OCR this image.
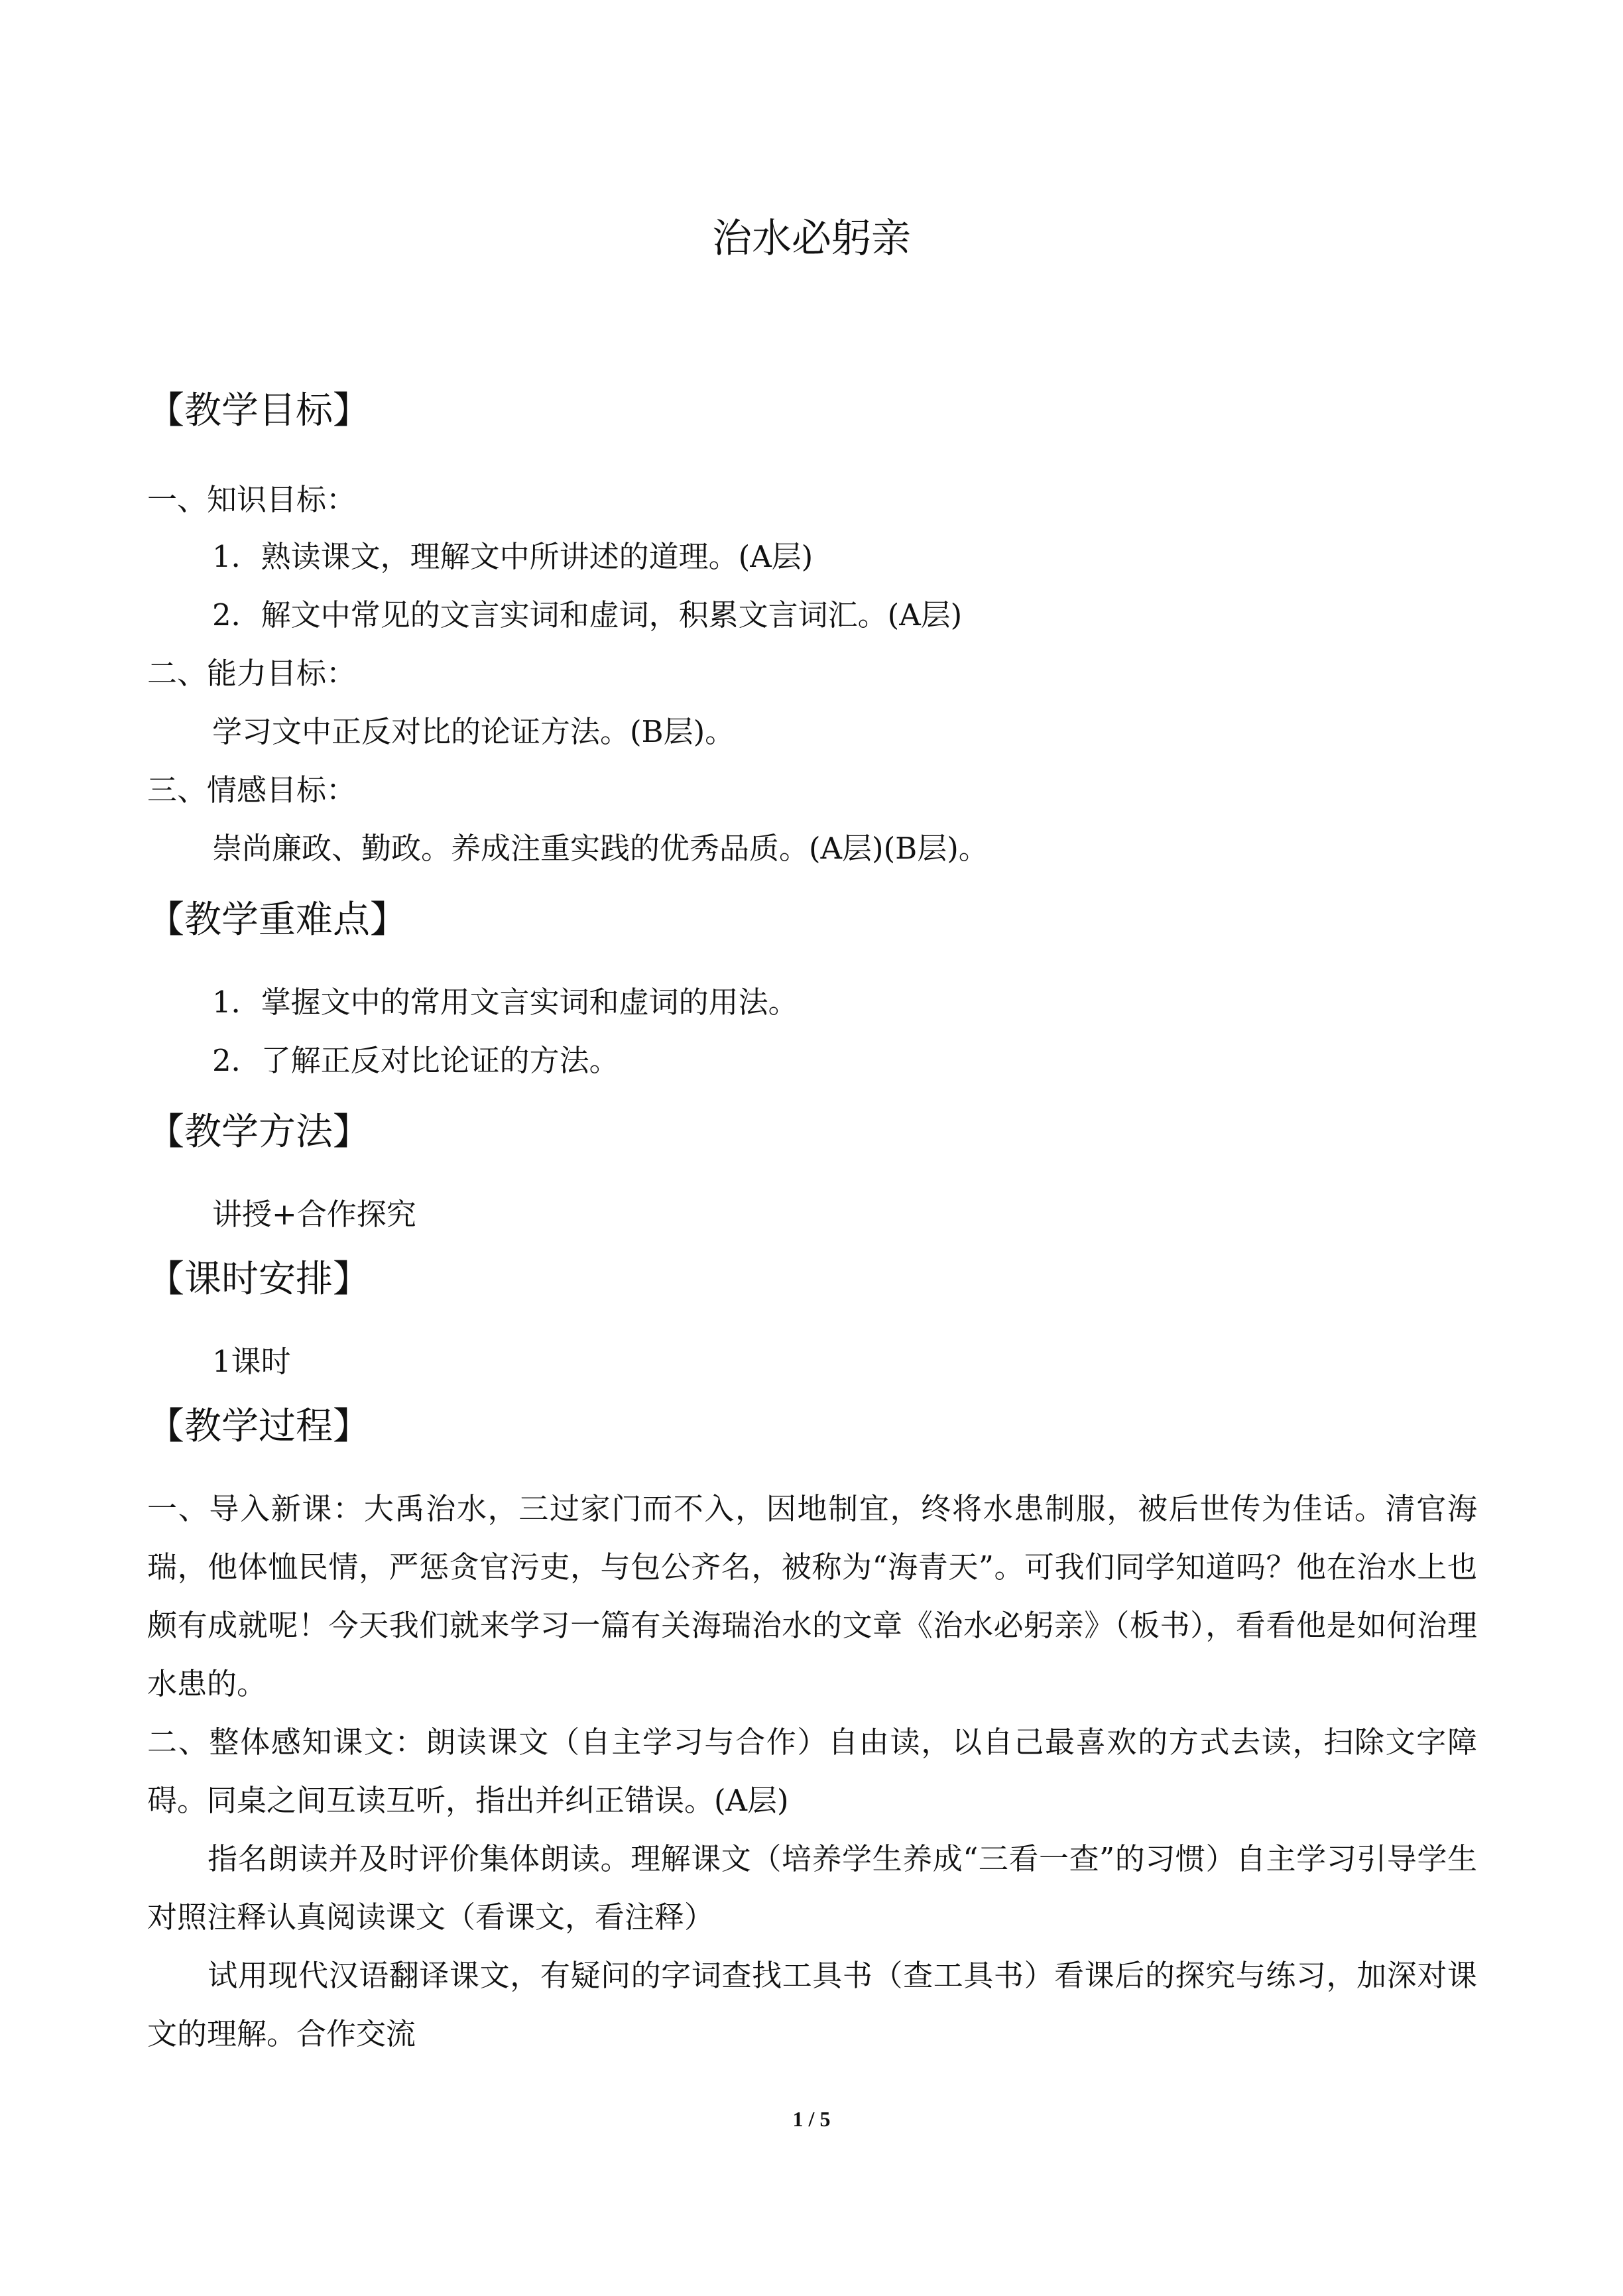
治水必躬亲
【教学目标】
一、知识目标：
1．熟读课文，理解文中所讲述的道理。(A层)
2．解文中常见的文言实词和虚词，积累文言词汇。(A层)
二、能力目标：
学习文中正反对比的论证方法。(B层)。
三、情感目标：
崇尚廉政、勤政。养成注重实践的优秀品质。(A层)(B层)。
【教学重难点】
1．掌握文中的常用文言实词和虚词的用法。
2．了解正反对比论证的方法。
【教学方法】
讲授+合作探究
【课时安排】
1课时
【教学过程】
一、导入新课：大禹治水，三过家门而不入，因地制宜，终将水患制服，被后世传为佳话。清官海瑞，他体恤民情，严惩贪官污吏，与包公齐名，被称为“海青天”。可我们同学知道吗？他在治水上也颇有成就呢！今天我们就来学习一篇有关海瑞治水的文章《治水必躬亲》（板书），看看他是如何治理水患的。
二、整体感知课文：朗读课文（自主学习与合作）自由读，以自己最喜欢的方式去读，扫除文字障碍。同桌之间互读互听，指出并纠正错误。(A层)
　　指名朗读并及时评价集体朗读。理解课文（培养学生养成“三看一查”的习惯）自主学习引导学生对照注释认真阅读课文（看课文，看注释）
　　试用现代汉语翻译课文，有疑问的字词查找工具书（查工具书）看课后的探究与练习，加深对课文的理解。合作交流
1 / 5
